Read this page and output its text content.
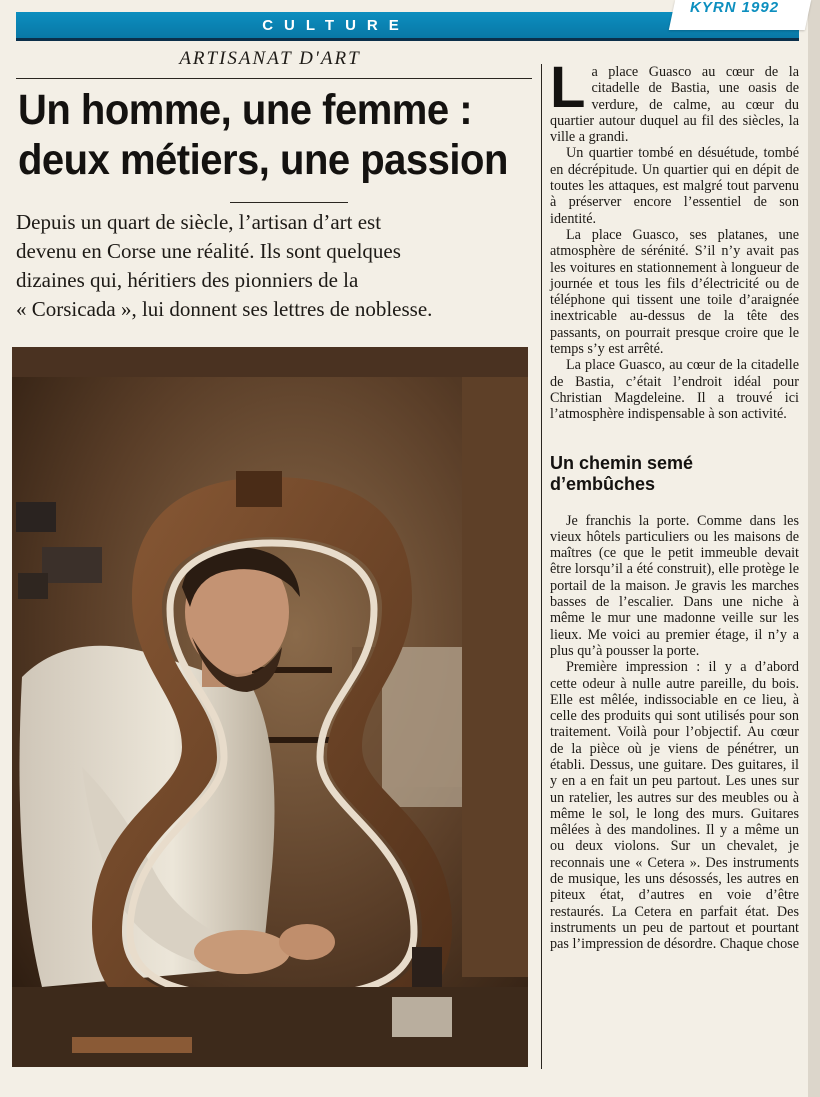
CULTURE
KYRN 1992
ARTISANAT D'ART
Un homme, une femme :
deux métiers, une passion

Depuis un quart de siècle, l’artisan d’art est
devenu en Corse une réalité. Ils sont quelques
dizaines qui, héritiers des pionniers de la
« Corsicada », lui donnent ses lettres de noblesse.

La place Guasco au cœur de la citadelle de Bastia, une oasis de verdure, de calme, au cœur du quartier autour duquel au fil des siècles, la ville a grandi.

Un quartier tombé en désuétude, tombé en décrépitude. Un quartier qui en dépit de toutes les attaques, est malgré tout parvenu à préserver encore l’essentiel de son identité.

La place Guasco, ses platanes, une atmosphère de sérénité. S’il n’y avait pas les voitures en stationnement à longueur de journée et tous les fils d’électricité ou de téléphone qui tissent une toile d’araignée inextricable au-dessus de la tête des passants, on pourrait presque croire que le temps s’y est arrêté.

La place Guasco, au cœur de la citadelle de Bastia, c’était l’endroit idéal pour Christian Magdeleine. Il a trouvé ici l’atmosphère indispensable à son activité.

Un chemin semé d’embûches

Je franchis la porte. Comme dans les vieux hôtels particuliers ou les maisons de maîtres (ce que le petit immeuble devait être lorsqu’il a été construit), elle protège le portail de la maison. Je gravis les marches basses de l’escalier. Dans une niche à même le mur une madonne veille sur les lieux. Me voici au premier étage, il n’y a plus qu’à pousser la porte.

Première impression : il y a d’abord cette odeur à nulle autre pareille, du bois. Elle est mêlée, indissociable en ce lieu, à celle des produits qui sont utilisés pour son traitement. Voilà pour l’objectif. Au cœur de la pièce où je viens de pénétrer, un établi. Dessus, une guitare. Des guitares, il y en a en fait un peu partout. Les unes sur un ratelier, les autres sur des meubles ou à même le sol, le long des murs. Guitares mêlées à des mandolines. Il y a même un ou deux violons. Sur un chevalet, je reconnais une « Cetera ». Des instruments de musique, les uns désossés, les autres en piteux état, d’autres en voie d’être restaurés. La Cetera en parfait état. Des instruments un peu de partout et pourtant pas l’impression de désordre. Chaque chose
